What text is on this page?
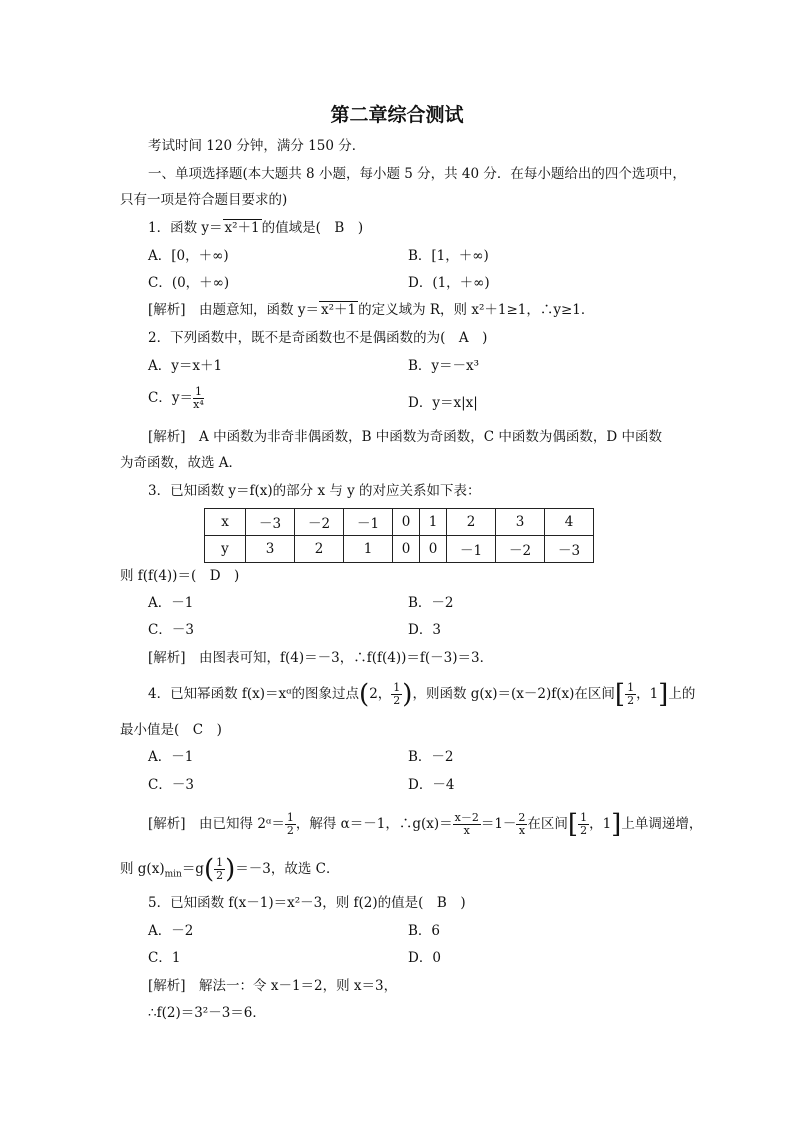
第二章综合测试
考试时间 120 分钟，满分 150 分．
一、单项选择题(本大题共 8 小题，每小题 5 分，共 40 分．在每小题给出的四个选项中，
只有一项是符合题目要求的)
1．函数 y＝ x²＋1 的值域是(　B　)
A．[0，＋∞)	B．[1，＋∞)
C．(0，＋∞)	D．(1，＋∞)
[解析]　由题意知，函数 y＝ x²＋1 的定义域为 R，则 x²＋1≥1，∴y≥1．
2．下列函数中，既不是奇函数也不是偶函数的为(　A　)
A．y＝x＋1	B．y＝－x³
C．$y= \frac{1}{\text{x⁴}}$	D．y＝x|x|
[解析]　A 中函数为非奇非偶函数，B 中函数为奇函数，C 中函数为偶函数，D 中函数
为奇函数，故选 A．
3．已知函数 y＝f(x)的部分 x 与 y 的对应关系如下表：
x	－3	－2	－1	0	1	2	3	4
y	3	2	1	0	0	－1	－2	－3
则 f(f(4))＝(　D　)
A．－1	B．－2
C．－3	D．3
[解析]　由图表可知，f(4)＝－3，∴f(f(4))＝f(－3)＝3．
4．已知幂函数 f(x)＝xᵅ的图象过点(2， $\frac{1}{2}$ )，则函数 g(x)＝(x－2)f(x)在区间[ $\frac{1}{2}$ ，1]上的
最小值是(　C　)
A．－1	B．－2
C．－3	D．－4
[解析]　由已知得 2ᵅ＝ $\frac{1}{2}$ ，解得 α＝－1，∴g(x)＝ $\frac{x-2}{x} =1- \frac{2}{x}$ 在区间[ $\frac{1}{2}$ ，1]上单调递增，
则 $g(x)_{min}=g( \frac{1}{2} )=-3$，故选 C．
5．已知函数 f(x－1)＝x²－3，则 f(2)的值是(　B　)
A．－2	B．6
C．1	D．0
[解析]　解法一：令 x－1＝2，则 x＝3，
∴f(2)＝3²－3＝6．
